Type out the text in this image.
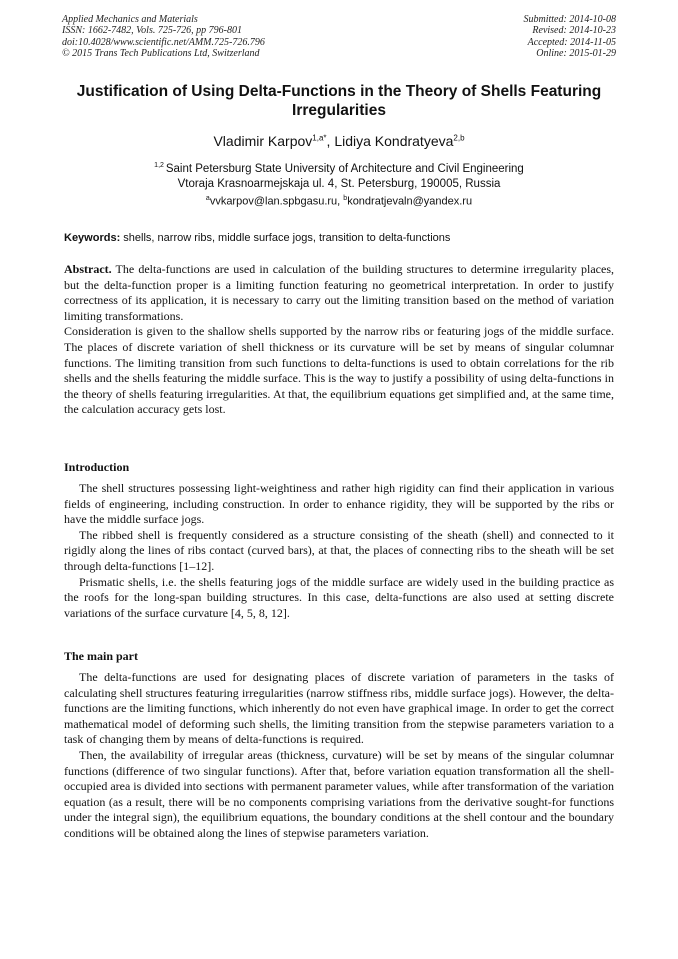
Applied Mechanics and Materials
ISSN: 1662-7482, Vols. 725-726, pp 796-801
doi:10.4028/www.scientific.net/AMM.725-726.796
© 2015 Trans Tech Publications Ltd, Switzerland
Submitted: 2014-10-08
Revised: 2014-10-23
Accepted: 2014-11-05
Online: 2015-01-29
Justification of Using Delta-Functions in the Theory of Shells Featuring Irregularities
Vladimir Karpov$^{1,a*}$, Lidiya Kondratyeva$^{2,b}$
$^{1,2}$ Saint Petersburg State University of Architecture and Civil Engineering
Vtoraja Krasnoarmejskaja ul. 4, St. Petersburg, 190005, Russia
$^a$vvkarpov@lan.spbgasu.ru, $^b$kondratjevaln@yandex.ru
Keywords: shells, narrow ribs, middle surface jogs, transition to delta-functions

Abstract. The delta-functions are used in calculation of the building structures to determine irregularity places, but the delta-function proper is a limiting function featuring no geometrical interpretation. In order to justify correctness of its application, it is necessary to carry out the limiting transition based on the method of variation limiting transformations.

Consideration is given to the shallow shells supported by the narrow ribs or featuring jogs of the middle surface. The places of discrete variation of shell thickness or its curvature will be set by means of singular columnar functions. The limiting transition from such functions to delta-functions is used to obtain correlations for the rib shells and the shells featuring the middle surface. This is the way to justify a possibility of using delta-functions in the theory of shells featuring irregularities. At that, the equilibrium equations get simplified and, at the same time, the calculation accuracy gets lost.

Introduction

The shell structures possessing light-weightiness and rather high rigidity can find their application in various fields of engineering, including construction. In order to enhance rigidity, they will be supported by the ribs or have the middle surface jogs.

The ribbed shell is frequently considered as a structure consisting of the sheath (shell) and connected to it rigidly along the lines of ribs contact (curved bars), at that, the places of connecting ribs to the sheath will be set through delta-functions [1–12].

Prismatic shells, i.e. the shells featuring jogs of the middle surface are widely used in the building practice as the roofs for the long-span building structures. In this case, delta-functions are also used at setting discrete variations of the surface curvature [4, 5, 8, 12].

The main part

The delta-functions are used for designating places of discrete variation of parameters in the tasks of calculating shell structures featuring irregularities (narrow stiffness ribs, middle surface jogs). However, the delta-functions are the limiting functions, which inherently do not even have graphical image. In order to get the correct mathematical model of deforming such shells, the limiting transition from the stepwise parameters variation to a task of changing them by means of delta-functions is required.

Then, the availability of irregular areas (thickness, curvature) will be set by means of the singular columnar functions (difference of two singular functions). After that, before variation equation transformation all the shell-occupied area is divided into sections with permanent parameter values, while after transformation of the variation equation (as a result, there will be no components comprising variations from the derivative sought-for functions under the integral sign), the equilibrium equations, the boundary conditions at the shell contour and the boundary conditions will be obtained along the lines of stepwise parameters variation.
